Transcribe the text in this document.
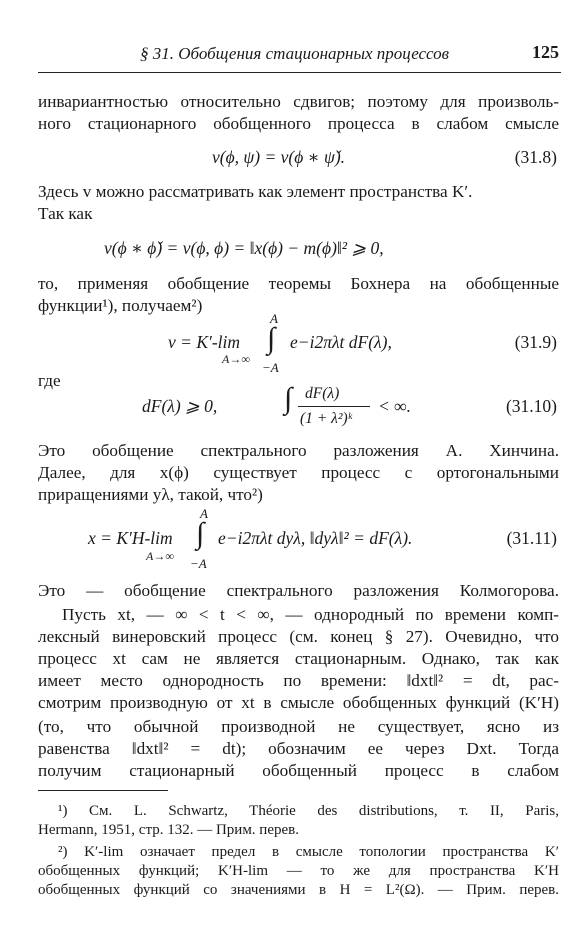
§ 31. Обобщения стационарных процессов	125
инвариантностью относительно сдвигов; поэтому для произволь-
ного стационарного обобщенного процесса в слабом смысле
v(ϕ, ψ) = v(ϕ ∗ ψ̌).	(31.8)
Здесь v можно рассматривать как элемент пространства K′.
Так как
v(ϕ ∗ ϕ̌) = v(ϕ, ϕ) = ‖x(ϕ) − m(ϕ)‖² ⩾ 0,
то, применяя обобщение теоремы Бохнера на обобщенные
функции¹), получаем²)
v = K′-lim
A→∞
A
∫
−A
e−i2πλt dF(λ),	(31.9)
где
dF(λ) ⩾ 0, ∫ dF(λ)
(1 + λ²)ᵏ
< ∞.	(31.10)
Это обобщение спектрального разложения А. Хинчина.
Далее, для x(ϕ) существует процесс с ортогональными
приращениями yλ, такой, что²)
x = K′H-lim
A→∞
A
∫
−A
e−i2πλt dyλ, ‖dyλ‖² = dF(λ).	(31.11)
Это — обобщение спектрального разложения Колмогорова.
Пусть xt, — ∞ < t < ∞, — однородный по времени комп-
лексный винеровский процесс (см. конец § 27). Очевидно, что
процесс xt сам не является стационарным. Однако, так как
имеет место однородность по времени: ‖dxt‖² = dt, рас-
смотрим производную от xt в смысле обобщенных функций (K′H)
(то, что обычной производной не существует, ясно из
равенства ‖dxt‖² = dt); обозначим ее через Dxt. Тогда
получим стационарный обобщенный процесс в слабом
¹) См. L. Schwartz, Théorie des distributions, т. II, Paris,
Hermann, 1951, стр. 132. — Прим. перев.
²) K′-lim означает предел в смысле топологии пространства K′
обобщенных функций; K′H-lim — то же для пространства K′H
обобщенных функций со значениями в H = L²(Ω). — Прим. перев.
